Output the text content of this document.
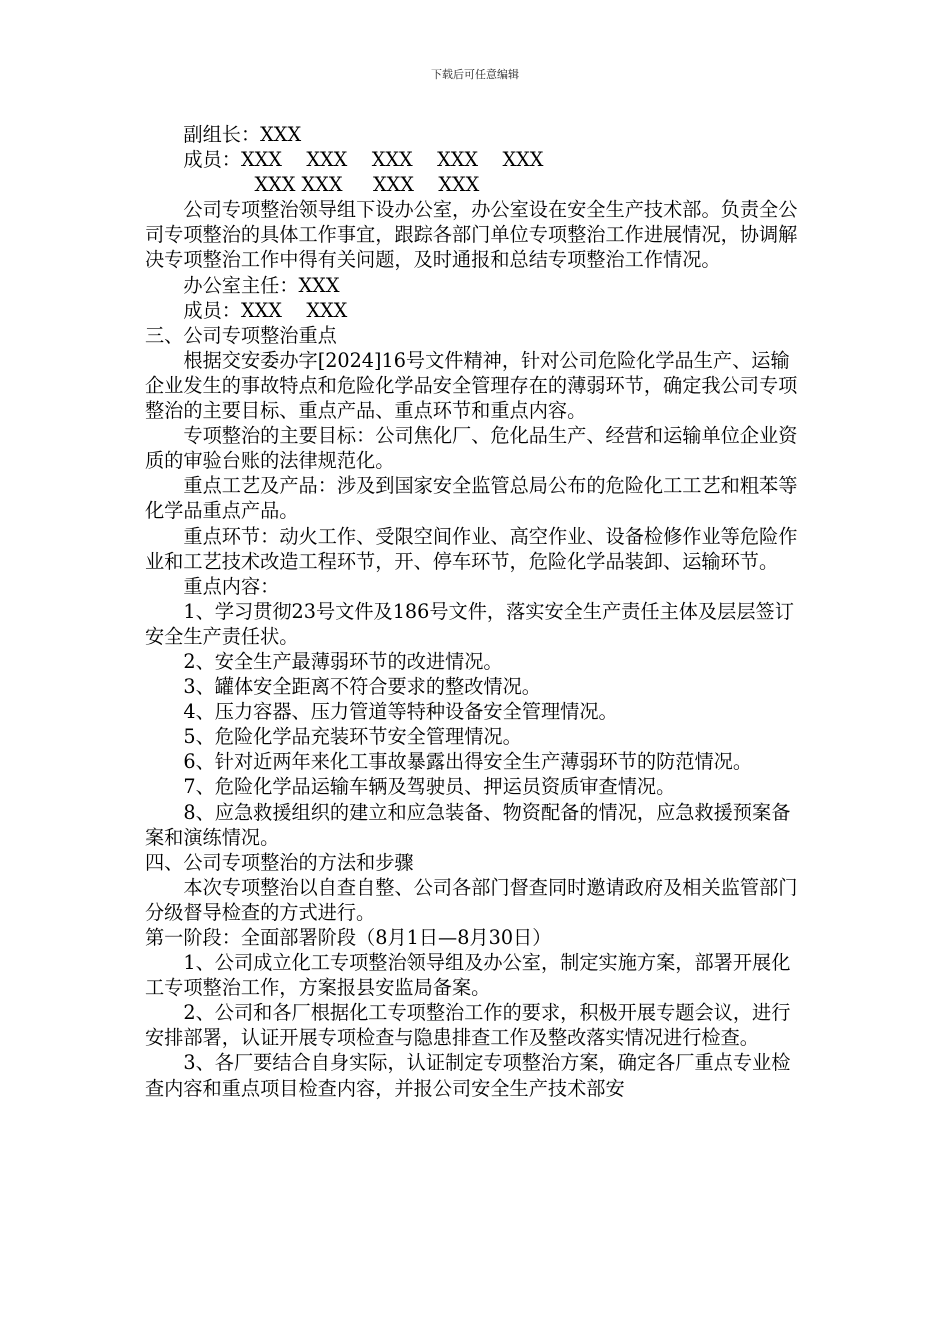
下载后可任意编辑

副组长：XXX

成员：XXX    XXX    XXX    XXX    XXX

XXX XXX     XXX    XXX

公司专项整治领导组下设办公室，办公室设在安全生产技术部。负责全公司专项整治的具体工作事宜，跟踪各部门单位专项整治工作进展情况，协调解决专项整治工作中得有关问题，及时通报和总结专项整治工作情况。

办公室主任：XXX

成员：XXX    XXX

三、公司专项整治重点

根据交安委办字[2024]16号文件精神，针对公司危险化学品生产、运输企业发生的事故特点和危险化学品安全管理存在的薄弱环节，确定我公司专项整治的主要目标、重点产品、重点环节和重点内容。

专项整治的主要目标：公司焦化厂、危化品生产、经营和运输单位企业资质的审验台账的法律规范化。

重点工艺及产品：涉及到国家安全监管总局公布的危险化工工艺和粗苯等化学品重点产品。

重点环节：动火工作、受限空间作业、高空作业、设备检修作业等危险作业和工艺技术改造工程环节，开、停车环节，危险化学品装卸、运输环节。

重点内容：

1、学习贯彻23号文件及186号文件，落实安全生产责任主体及层层签订安全生产责任状。

2、安全生产最薄弱环节的改进情况。

3、罐体安全距离不符合要求的整改情况。

4、压力容器、压力管道等特种设备安全管理情况。

5、危险化学品充装环节安全管理情况。

6、针对近两年来化工事故暴露出得安全生产薄弱环节的防范情况。

7、危险化学品运输车辆及驾驶员、押运员资质审查情况。

8、应急救援组织的建立和应急装备、物资配备的情况，应急救援预案备案和演练情况。

四、公司专项整治的方法和步骤

本次专项整治以自查自整、公司各部门督查同时邀请政府及相关监管部门分级督导检查的方式进行。

第一阶段：全面部署阶段（8月1日—8月30日）

1、公司成立化工专项整治领导组及办公室，制定实施方案，部署开展化工专项整治工作，方案报县安监局备案。

2、公司和各厂根据化工专项整治工作的要求，积极开展专题会议，进行安排部署，认证开展专项检查与隐患排查工作及整改落实情况进行检查。

3、各厂要结合自身实际，认证制定专项整治方案，确定各厂重点专业检查内容和重点项目检查内容，并报公司安全生产技术部安
